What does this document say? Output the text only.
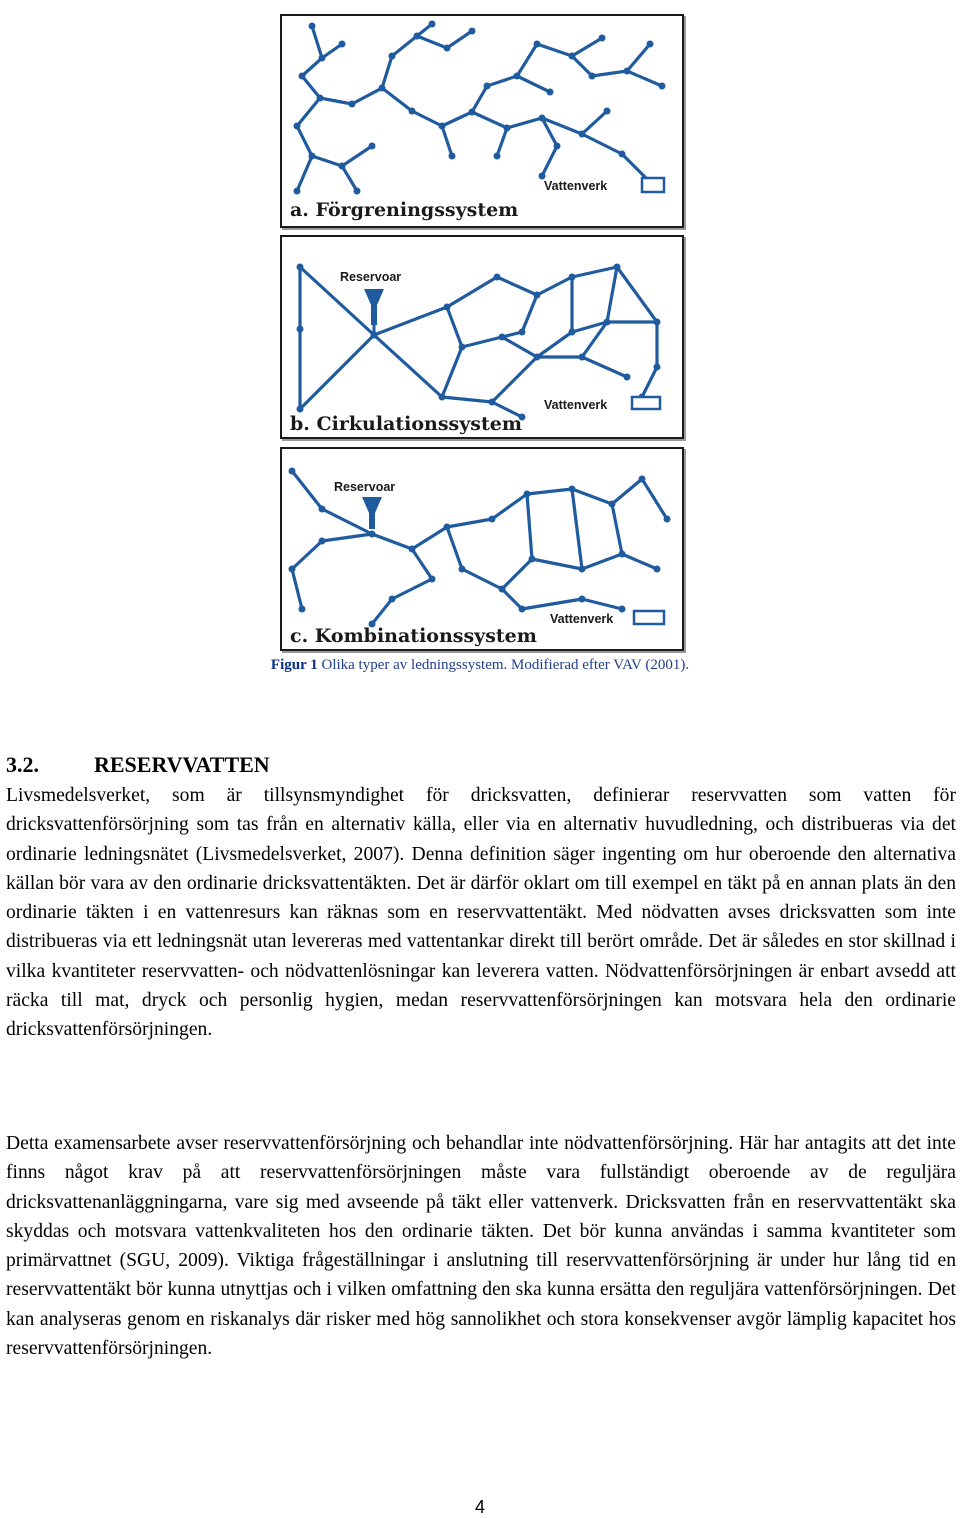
Vattenverk
a. Förgreningssystem
Reservoar
Vattenverk
b. Cirkulationssystem
Reservoar
Vattenverk
c. Kombinationssystem
Figur 1 Olika typer av ledningssystem. Modifierad efter VAV (2001).
3.2.	RESERVVATTEN

Livsmedelsverket, som är tillsynsmyndighet för dricksvatten, definierar reservvatten som vatten för dricksvattenförsörjning som tas från en alternativ källa, eller via en alternativ huvudledning, och distribueras via det ordinarie ledningsnätet (Livsmedelsverket, 2007). Denna definition säger ingenting om hur oberoende den alternativa källan bör vara av den ordinarie dricksvattentäkten. Det är därför oklart om till exempel en täkt på en annan plats än den ordinarie täkten i en vattenresurs kan räknas som en reservvattentäkt. Med nödvatten avses dricksvatten som inte distribueras via ett ledningsnät utan levereras med vattentankar direkt till berört område. Det är således en stor skillnad i vilka kvantiteter reservvatten- och nödvattenlösningar kan leverera vatten. Nödvattenförsörjningen är enbart avsedd att räcka till mat, dryck och personlig hygien, medan reservvattenförsörjningen kan motsvara hela den ordinarie dricksvattenförsörjningen.

Detta examensarbete avser reservvattenförsörjning och behandlar inte nödvattenförsörjning. Här har antagits att det inte finns något krav på att reservvattenförsörjningen måste vara fullständigt oberoende av de reguljära dricksvattenanläggningarna, vare sig med avseende på täkt eller vattenverk. Dricksvatten från en reservvattentäkt ska skyddas och motsvara vattenkvaliteten hos den ordinarie täkten. Det bör kunna användas i samma kvantiteter som primärvattnet (SGU, 2009). Viktiga frågeställningar i anslutning till reservvattenförsörjning är under hur lång tid en reservvattentäkt bör kunna utnyttjas och i vilken omfattning den ska kunna ersätta den reguljära vattenförsörjningen. Det kan analyseras genom en riskanalys där risker med hög sannolikhet och stora konsekvenser avgör lämplig kapacitet hos reservvattenförsörjningen.

4
